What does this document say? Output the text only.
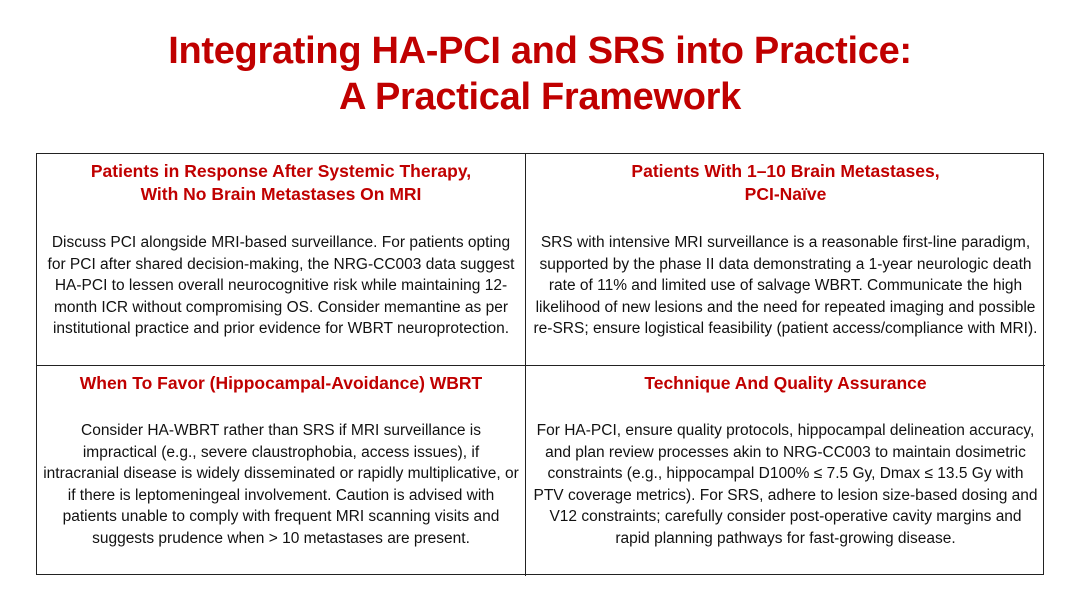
Integrating HA-PCI and SRS into Practice:
A Practical Framework
Patients in Response After Systemic Therapy,
With No Brain Metastases On MRI
Discuss PCI alongside MRI-based surveillance. For patients opting for PCI after shared decision-making, the NRG-CC003 data suggest HA-PCI to lessen overall neurocognitive risk while maintaining 12-month ICR without compromising OS. Consider memantine as per institutional practice and prior evidence for WBRT neuroprotection.
Patients With 1–10 Brain Metastases,
PCI-Naïve
SRS with intensive MRI surveillance is a reasonable first-line paradigm, supported by the phase II data demonstrating a 1-year neurologic death rate of 11% and limited use of salvage WBRT. Communicate the high likelihood of new lesions and the need for repeated imaging and possible re-SRS; ensure logistical feasibility (patient access/compliance with MRI).
When To Favor (Hippocampal-Avoidance) WBRT
Consider HA-WBRT rather than SRS if MRI surveillance is impractical (e.g., severe claustrophobia, access issues), if intracranial disease is widely disseminated or rapidly multiplicative, or if there is leptomeningeal involvement. Caution is advised with patients unable to comply with frequent MRI scanning visits and suggests prudence when > 10 metastases are present.
Technique And Quality Assurance
For HA-PCI, ensure quality protocols, hippocampal delineation accuracy, and plan review processes akin to NRG-CC003 to maintain dosimetric constraints (e.g., hippocampal D100% ≤ 7.5 Gy, Dmax ≤ 13.5 Gy with PTV coverage metrics). For SRS, adhere to lesion size-based dosing and V12 constraints; carefully consider post-operative cavity margins and rapid planning pathways for fast-growing disease.
